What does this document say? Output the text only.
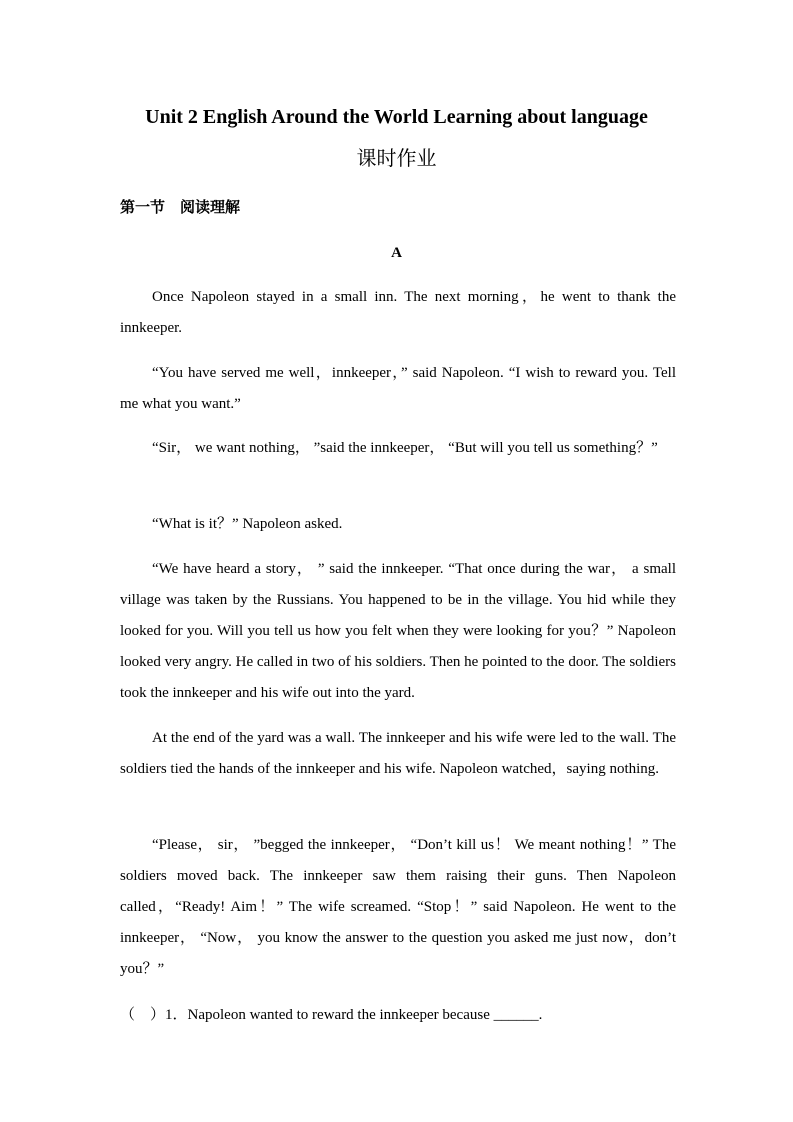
Unit 2 English Around the World Learning about language
课时作业
第一节　阅读理解
A

Once Napoleon stayed in a small inn. The next morning，he went to thank the innkeeper.

“You have served me well，innkeeper，” said Napoleon. “I wish to reward you. Tell me what you want.”

“Sir， we want nothing， ”said the innkeeper， “But will you tell us something？”

“What is it？” Napoleon asked.

“We have heard a story， ” said the innkeeper. “That once during the war， a small village was taken by the Russians. You happened to be in the village. You hid while they looked for you. Will you tell us how you felt when they were looking for you？” Napoleon looked very angry. He called in two of his soldiers. Then he pointed to the door. The soldiers took the innkeeper and his wife out into the yard.

At the end of the yard was a wall. The innkeeper and his wife were led to the wall. The soldiers tied the hands of the innkeeper and his wife. Napoleon watched，saying nothing.

“Please， sir， ”begged the innkeeper， “Don’t kill us！ We meant nothing！” The soldiers moved back. The innkeeper saw them raising their guns. Then Napoleon called，“Ready! Aim！” The wife screamed. “Stop！” said Napoleon. He went to the innkeeper， “Now， you know the answer to the question you asked me just now，don’t you？”

（　）1．Napoleon wanted to reward the innkeeper because ______.
